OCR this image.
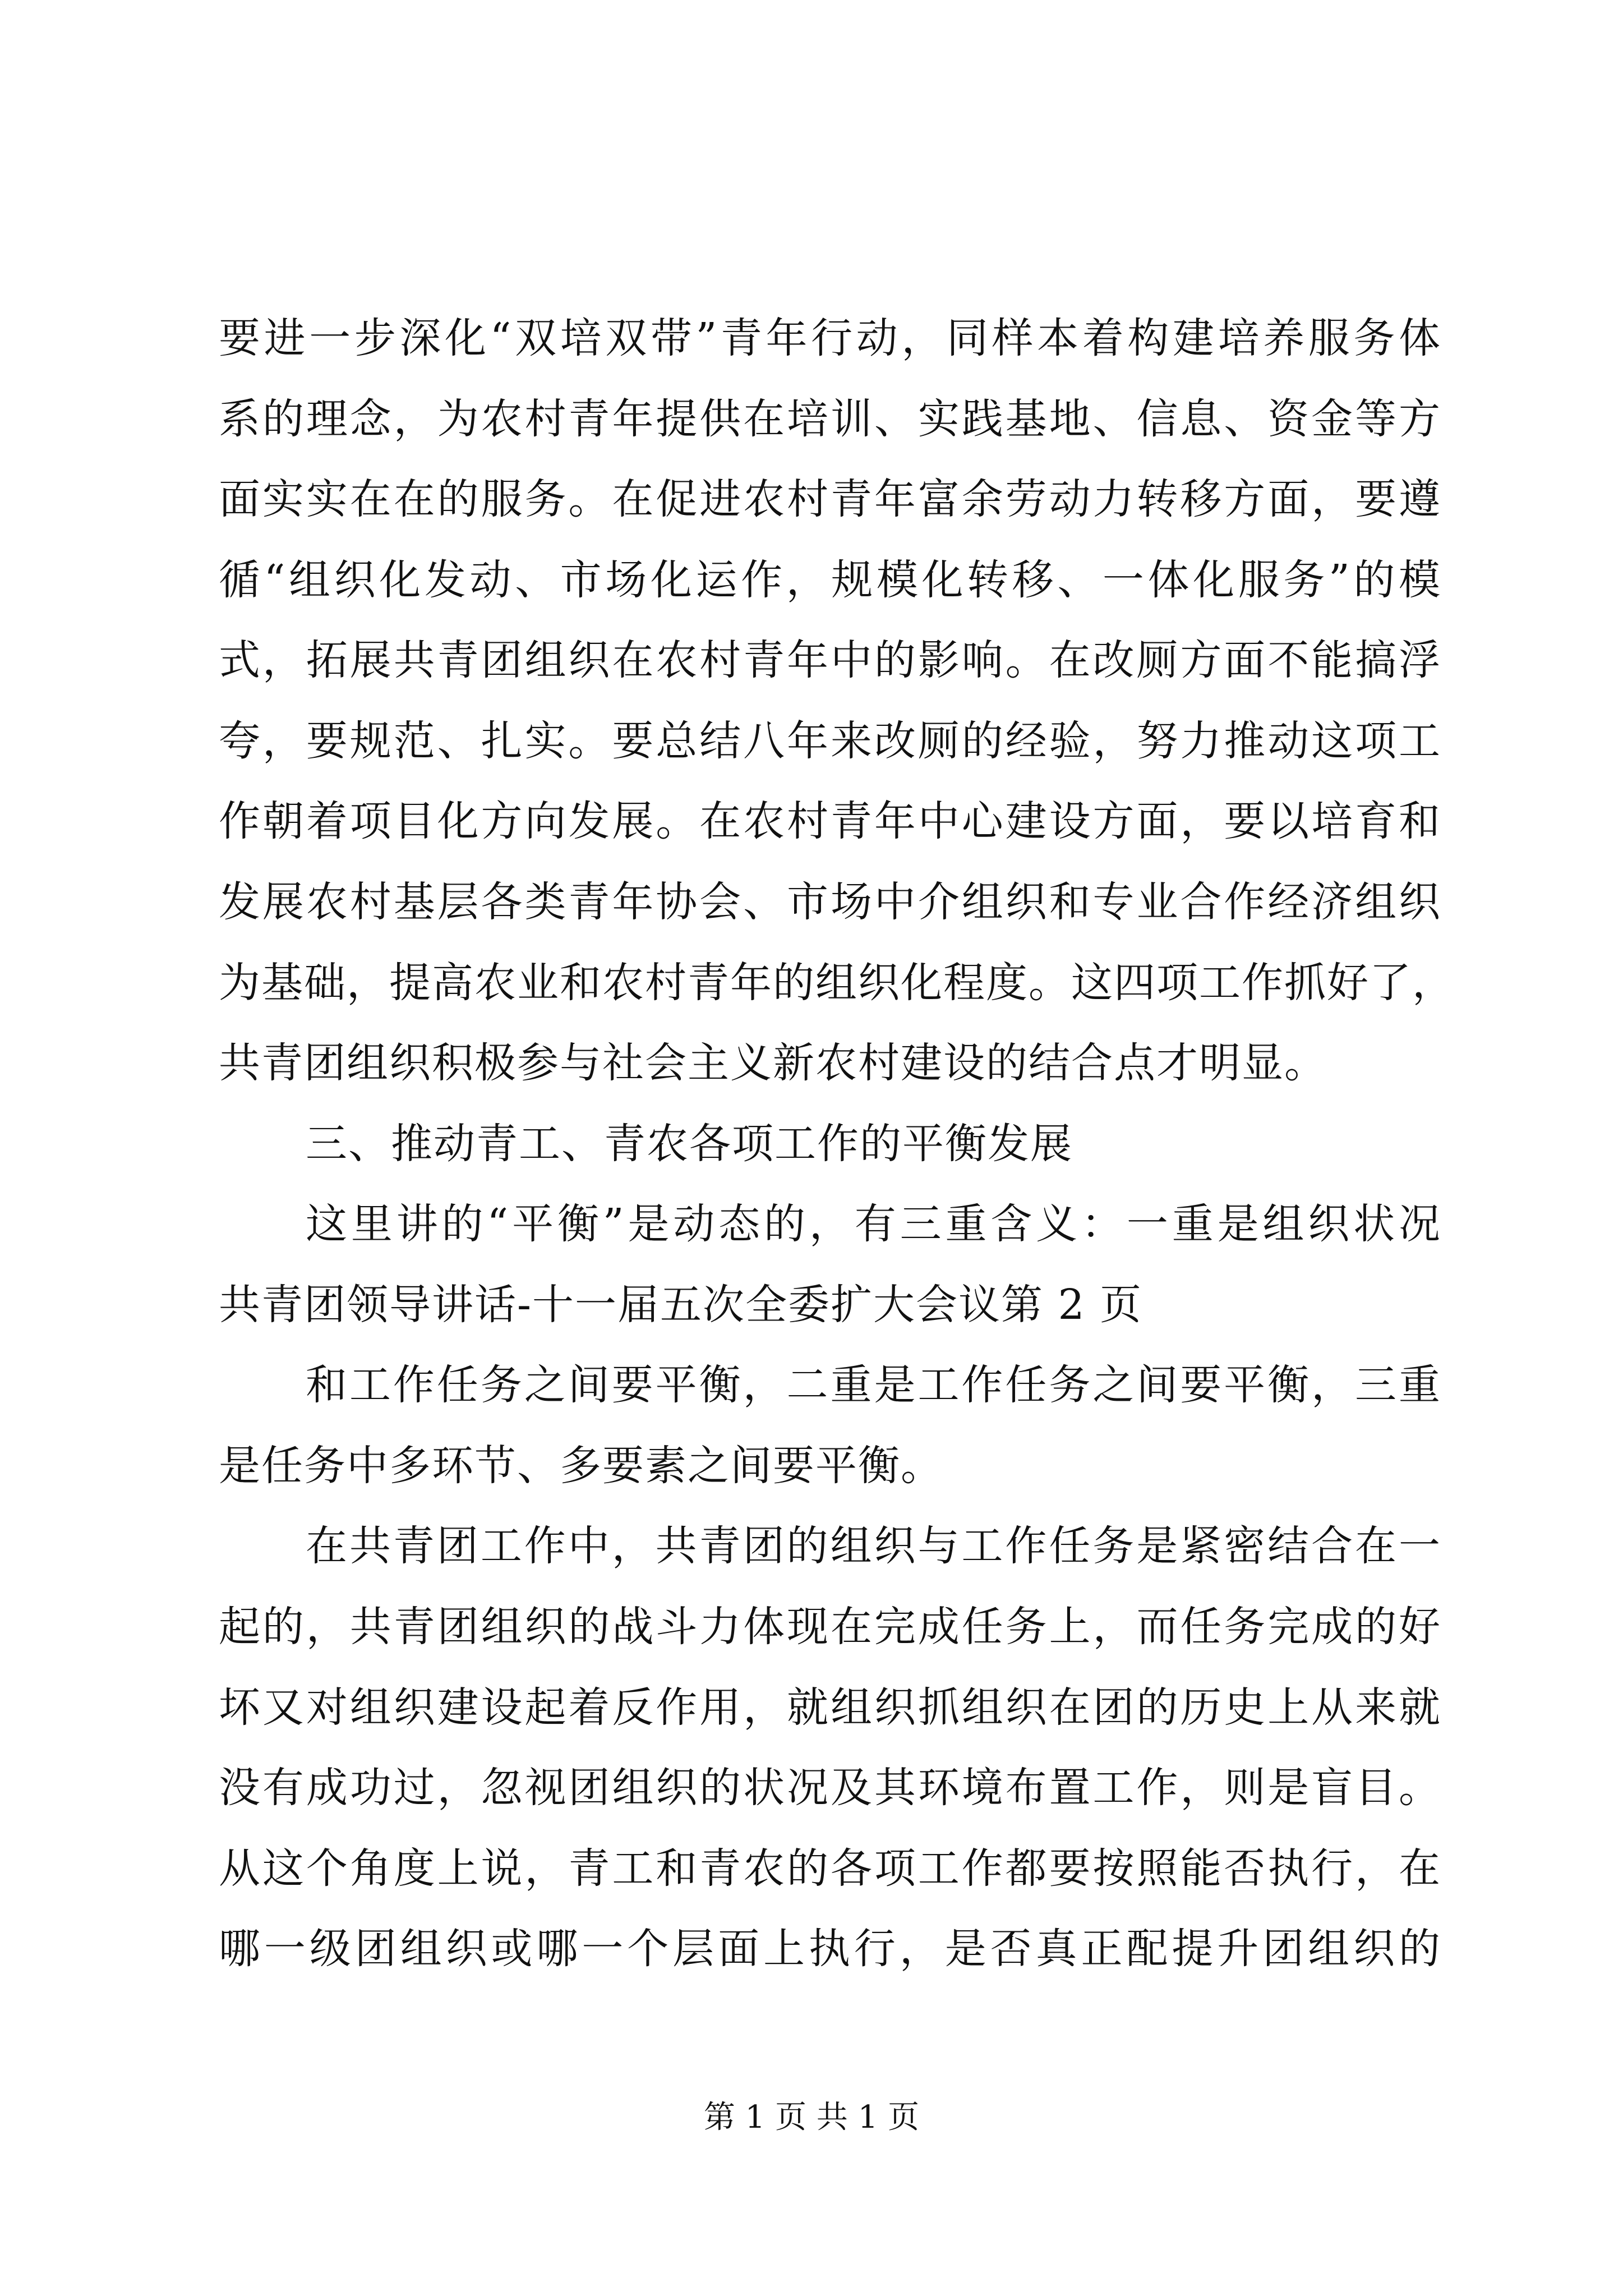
要进一步深化“双培双带”青年行动，同样本着构建培养服务体
系的理念，为农村青年提供在培训、实践基地、信息、资金等方
面实实在在的服务。在促进农村青年富余劳动力转移方面，要遵
循“组织化发动、市场化运作，规模化转移、一体化服务”的模
式，拓展共青团组织在农村青年中的影响。在改厕方面不能搞浮
夸，要规范、扎实。要总结八年来改厕的经验，努力推动这项工
作朝着项目化方向发展。在农村青年中心建设方面，要以培育和
发展农村基层各类青年协会、市场中介组织和专业合作经济组织
为基础，提高农业和农村青年的组织化程度。这四项工作抓好了，
共青团组织积极参与社会主义新农村建设的结合点才明显。
三、推动青工、青农各项工作的平衡发展
这里讲的“平衡”是动态的，有三重含义：一重是组织状况
共青团领导讲话-十一届五次全委扩大会议第 2 页
和工作任务之间要平衡，二重是工作任务之间要平衡，三重
是任务中多环节、多要素之间要平衡。
在共青团工作中，共青团的组织与工作任务是紧密结合在一
起的，共青团组织的战斗力体现在完成任务上，而任务完成的好
坏又对组织建设起着反作用，就组织抓组织在团的历史上从来就
没有成功过，忽视团组织的状况及其环境布置工作，则是盲目。
从这个角度上说，青工和青农的各项工作都要按照能否执行，在
哪一级团组织或哪一个层面上执行，是否真正配提升团组织的
第 1 页 共 1 页
